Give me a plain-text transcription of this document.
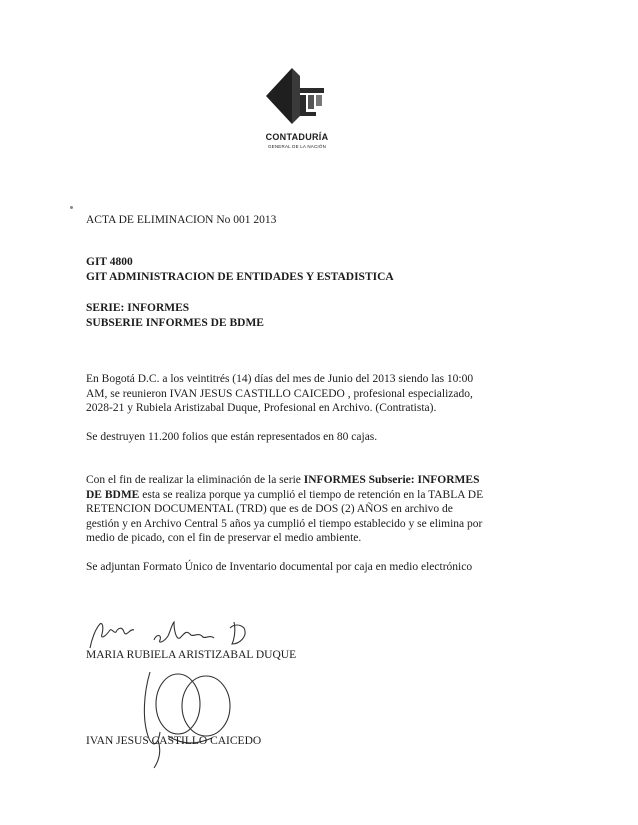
CONTADURÍA
GENERAL DE LA NACIÓN
ACTA DE ELIMINACION No 001 2013
GIT 4800
GIT ADMINISTRACION DE ENTIDADES Y ESTADISTICA
SERIE: INFORMES
SUBSERIE INFORMES DE BDME
En Bogotá D.C. a los veintitrés (14) días del mes de Junio del 2013 siendo las 10:00
AM, se reunieron IVAN JESUS CASTILLO CAICEDO , profesional especializado,
2028-21 y Rubiela Aristizabal Duque, Profesional en Archivo. (Contratista).
Se destruyen 11.200 folios que están representados en 80 cajas.
Con el fin de realizar la eliminación de la serie INFORMES Subserie: INFORMES
DE BDME esta se realiza porque ya cumplió el tiempo de retención en la TABLA DE
RETENCION DOCUMENTAL (TRD) que es de DOS (2) AÑOS en archivo de
gestión y en Archivo Central 5 años ya cumplió el tiempo establecido y se elimina por
medio de picado, con el fin de preservar el medio ambiente.
Se adjuntan Formato Único de Inventario documental por caja en medio electrónico
MARIA RUBIELA ARISTIZABAL DUQUE
IVAN JESUS CASTILLO CAICEDO
